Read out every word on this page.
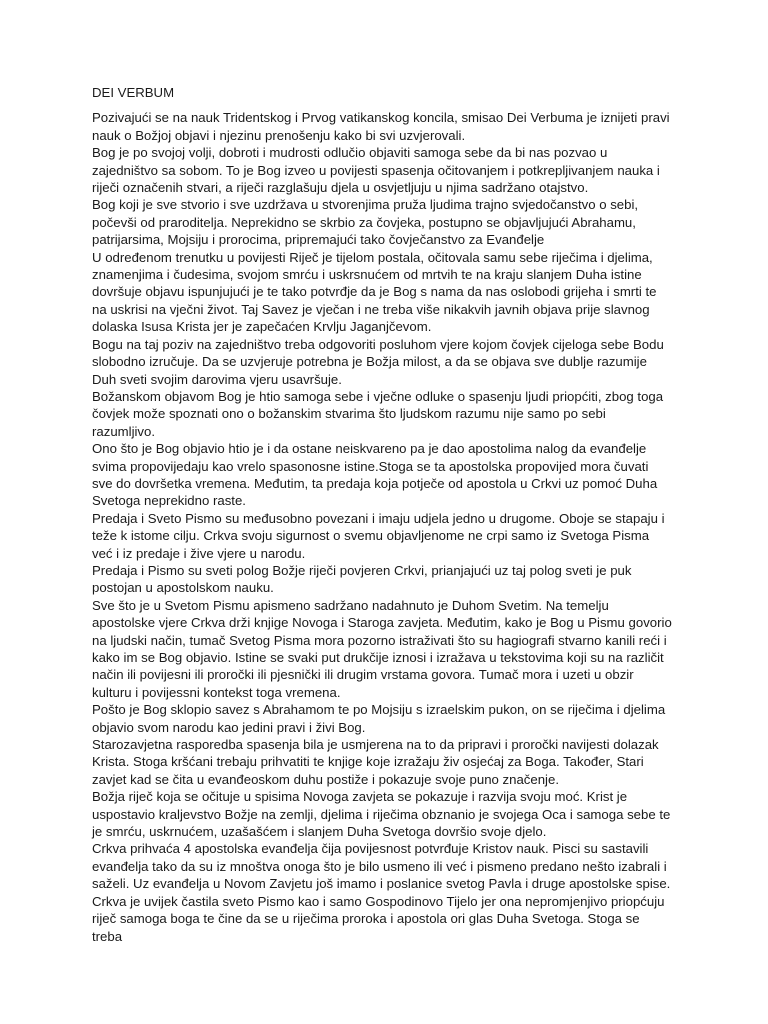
DEI VERBUM

Pozivajući se na nauk Tridentskog i Prvog vatikanskog koncila, smisao Dei Verbuma je iznijeti pravi nauk o Božjoj objavi i njezinu prenošenju kako bi svi uzvjerovali.

Bog je po svojoj volji, dobroti i mudrosti odlučio objaviti samoga sebe da bi nas pozvao u zajedništvo sa sobom. To je Bog izveo u povijesti spasenja očitovanjem i potkrepljivanjem nauka i riječi označenih stvari, a riječi razglašuju djela u osvjetljuju u njima sadržano otajstvo.

Bog koji je sve stvorio i sve uzdržava u stvorenjima pruža ljudima trajno svjedočanstvo o sebi, počevši od praroditelja. Neprekidno se skrbio za čovjeka, postupno se objavljujući Abrahamu, patrijarsima, Mojsiju i prorocima, pripremajući tako čovječanstvo za Evanđelje

U određenom trenutku u povijesti Riječ je tijelom postala, očitovala samu sebe riječima i djelima, znamenjima i čudesima, svojom smrću i uskrsnućem od mrtvih te na kraju slanjem Duha istine dovršuje objavu ispunjujući je te tako potvrđje da je Bog s nama da nas oslobodi grijeha i smrti te na uskrisi na vječni život. Taj Savez je vječan i ne treba više nikakvih javnih objava prije slavnog dolaska Isusa Krista jer je zapečaćen Krvlju Jaganjčevom.

Bogu na taj poziv na zajedništvo treba odgovoriti posluhom vjere kojom čovjek cijeloga sebe Bodu slobodno izručuje. Da se uzvjeruje potrebna je Božja milost, a da se objava sve dublje razumije Duh sveti svojim darovima vjeru usavršuje.

Božanskom objavom Bog je htio samoga sebe i vječne odluke o spasenju ljudi priopćiti, zbog toga čovjek može spoznati ono o božanskim stvarima što ljudskom razumu nije samo po sebi razumljivo.

Ono što je Bog objavio htio je i da ostane neiskvareno pa je dao apostolima nalog da evanđelje svima propovijedaju kao vrelo spasonosne istine.Stoga se ta apostolska propovijed mora čuvati sve do dovršetka vremena. Međutim, ta predaja koja potječe od apostola u Crkvi uz pomoć Duha Svetoga neprekidno raste.

Predaja i Sveto Pismo su međusobno povezani i imaju udjela jedno u drugome. Oboje se stapaju i teže k istome cilju. Crkva svoju sigurnost o svemu objavljenome ne crpi samo iz Svetoga Pisma već i iz predaje i žive vjere u narodu.

Predaja i Pismo su sveti polog Božje riječi povjeren Crkvi, prianjajući uz taj polog sveti je puk postojan u apostolskom nauku.

Sve što je u Svetom Pismu apismeno sadržano nadahnuto je Duhom Svetim. Na temelju apostolske vjere Crkva drži knjige Novoga i Staroga zavjeta. Međutim, kako je Bog u Pismu govorio na ljudski način, tumač Svetog Pisma mora pozorno istraživati što su hagiografi stvarno kanili reći i kako im se Bog objavio. Istine se svaki put drukčije iznosi i izražava u tekstovima koji su na različit način ili povijesni ili proročki ili pjesnički ili drugim vrstama govora. Tumač mora i uzeti u obzir kulturu i povijessni kontekst toga vremena.

Pošto je Bog sklopio savez s Abrahamom te po Mojsiju s izraelskim pukon, on se riječima i djelima objavio svom narodu kao jedini pravi i živi Bog.

Starozavjetna rasporedba spasenja bila je usmjerena na to da pripravi i proročki navijesti dolazak Krista. Stoga kršćani trebaju prihvatiti te knjige koje izražaju živ osjećaj za Boga. Također, Stari zavjet kad se čita u evanđeoskom duhu postiže i pokazuje svoje puno značenje.

Božja riječ koja se očituje u spisima Novoga zavjeta se pokazuje i razvija svoju moć. Krist je uspostavio kraljevstvo Božje na zemlji, djelima i riječima obznanio je svojega Oca i samoga sebe te je smrću, uskrnućem, uzašašćem i slanjem Duha Svetoga dovršio svoje djelo.

Crkva prihvaća 4 apostolska evanđelja čija povijesnost potvrđuje Kristov nauk. Pisci su sastavili evanđelja tako da su iz mnoštva onoga što je bilo usmeno ili već i pismeno predano nešto izabrali i saželi. Uz evanđelja u Novom Zavjetu još imamo i poslanice svetog Pavla i druge apostolske spise.

Crkva je uvijek častila sveto Pismo kao i samo Gospodinovo Tijelo jer ona nepromjenjivo priopćuju riječ samoga boga te čine da se u riječima proroka i apostola ori glas Duha Svetoga. Stoga se treba
